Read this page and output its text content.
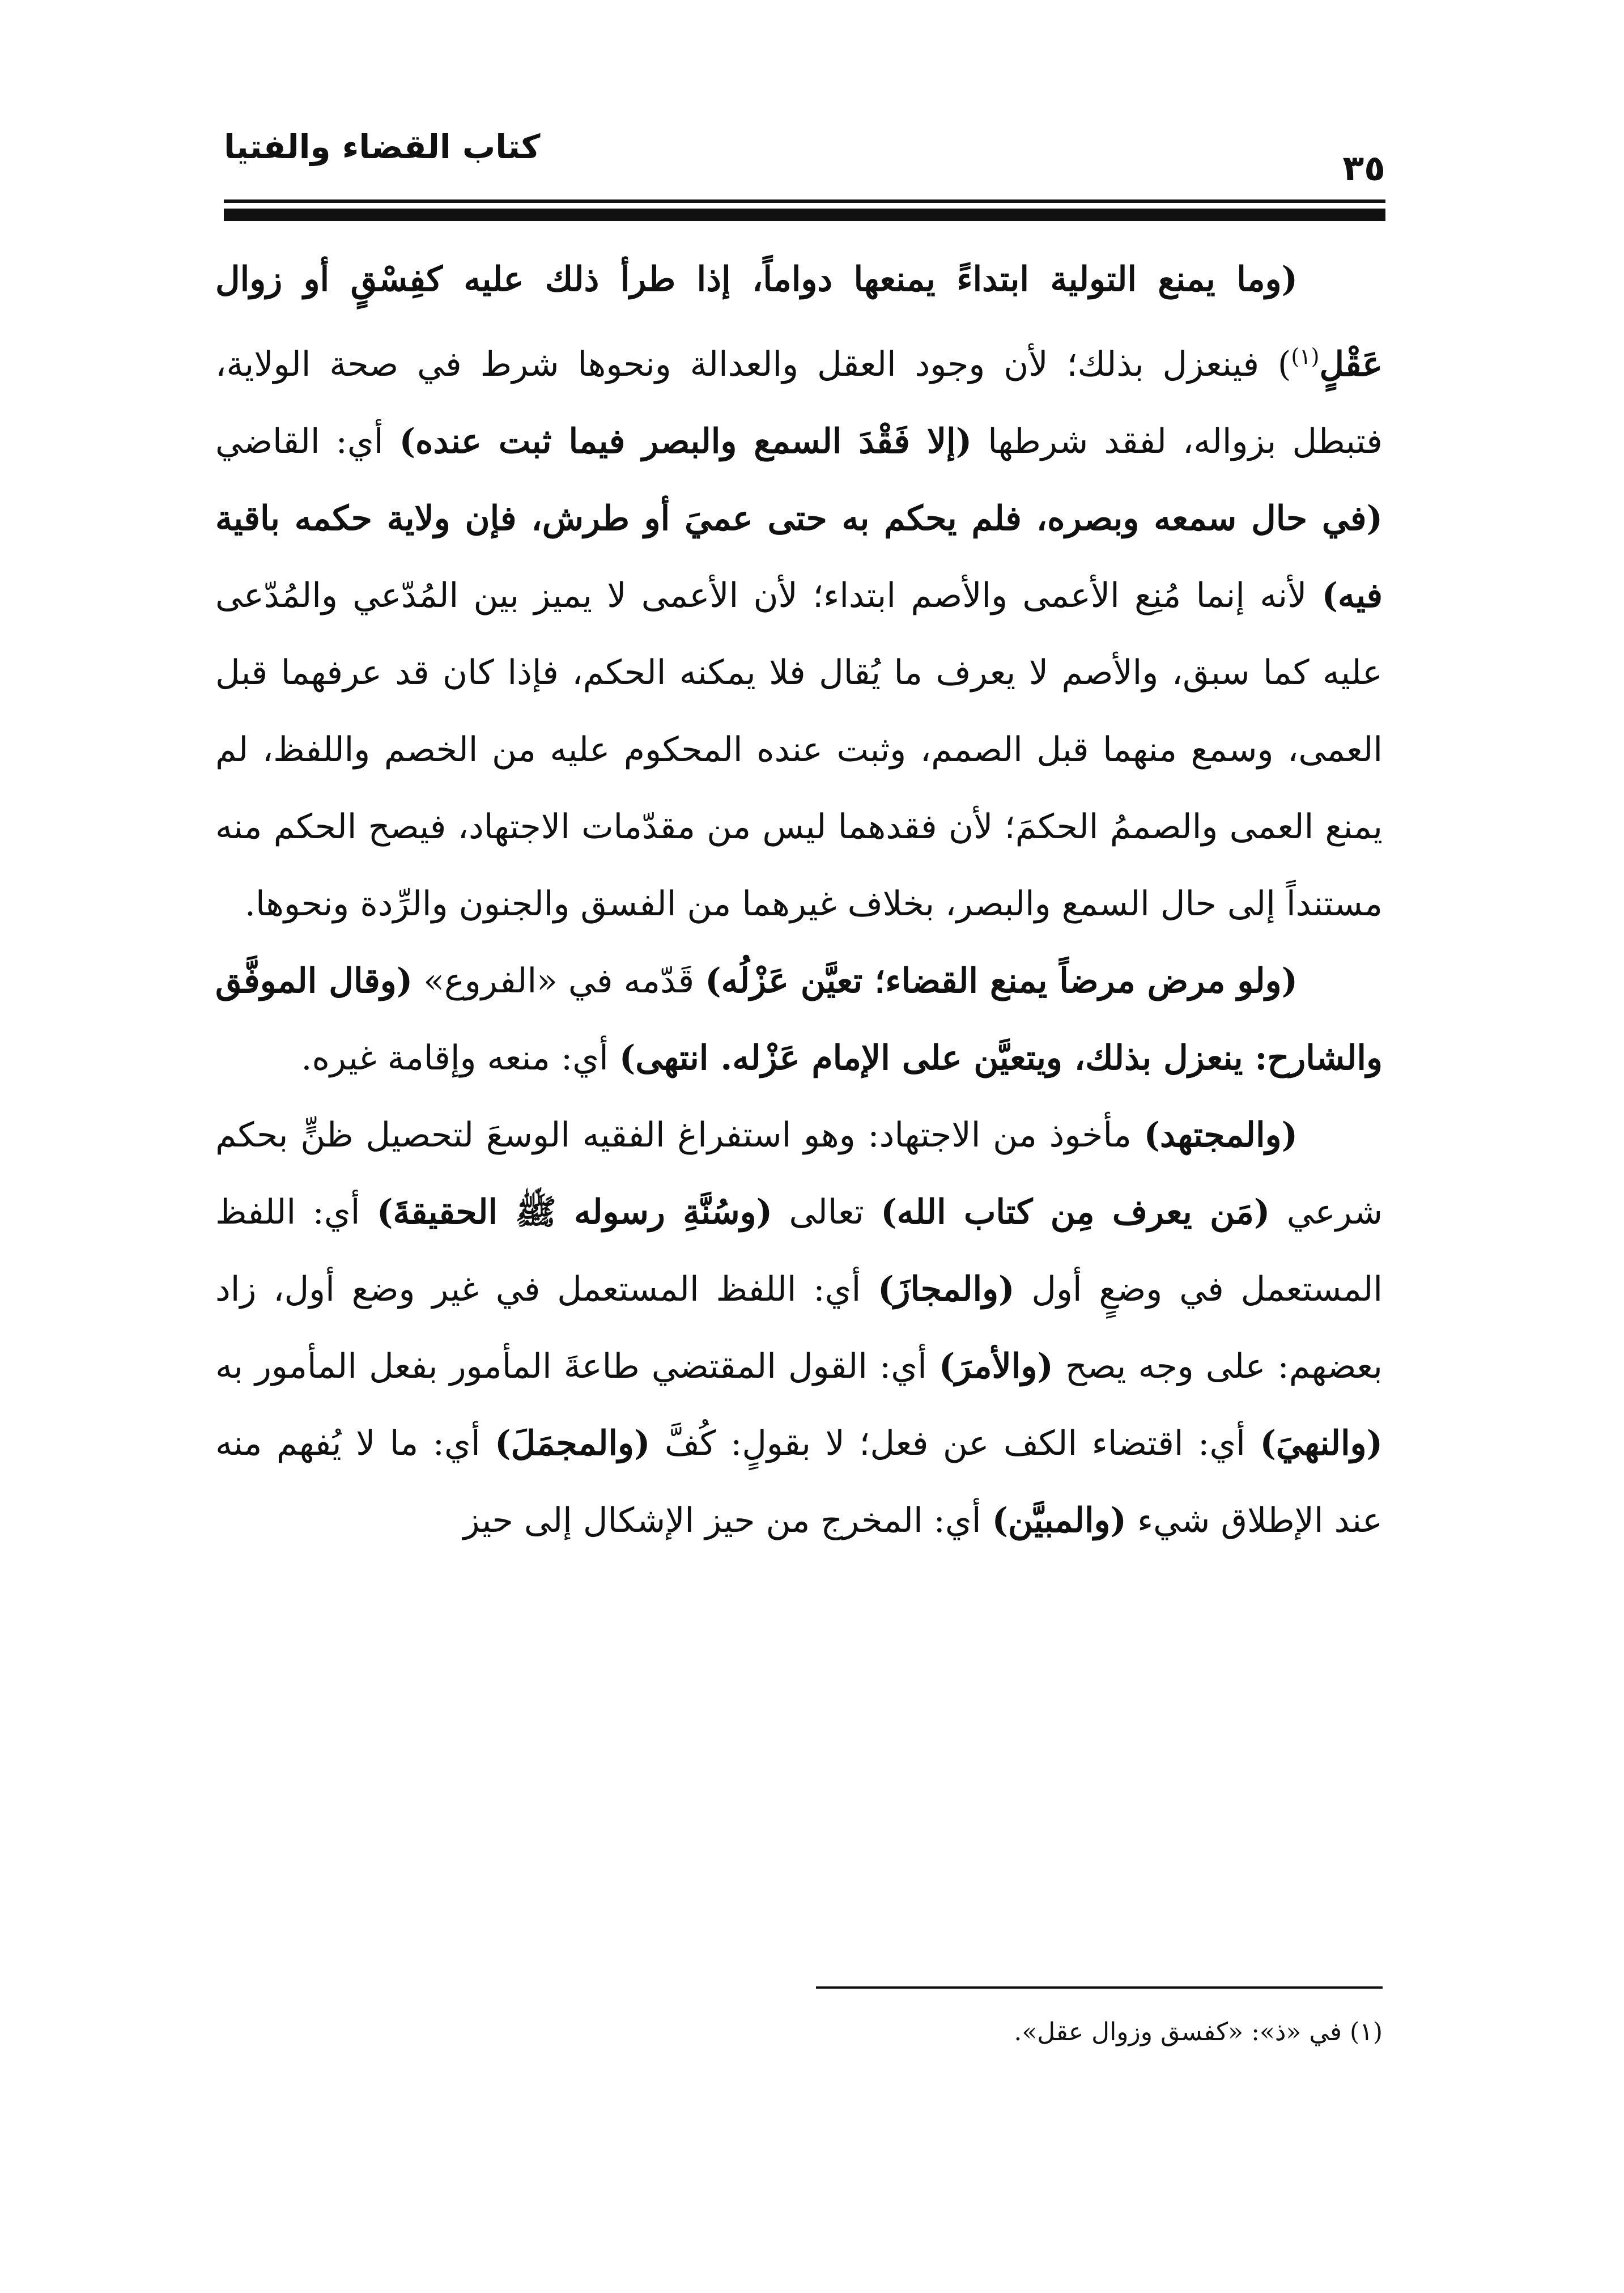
كتاب القضاء والفتيا
٣٥

(وما يمنع التولية ابتداءً يمنعها دواماً، إذا طرأ ذلك عليه كفِسْقٍ أو زوال عَقْلٍ$^{(١)}$) فينعزل بذلك؛ لأن وجود العقل والعدالة ونحوها شرط في صحة الولاية، فتبطل بزواله، لفقد شرطها (إلا فَقْدَ السمع والبصر فيما ثبت عنده) أي: القاضي (في حال سمعه وبصره، فلم يحكم به حتى عميَ أو طرش، فإن ولاية حكمه باقية فيه) لأنه إنما مُنِع الأعمى والأصم ابتداء؛ لأن الأعمى لا يميز بين المُدّعي والمُدّعى عليه كما سبق، والأصم لا يعرف ما يُقال فلا يمكنه الحكم، فإذا كان قد عرفهما قبل العمى، وسمع منهما قبل الصمم، وثبت عنده المحكوم عليه من الخصم واللفظ، لم يمنع العمى والصممُ الحكمَ؛ لأن فقدهما ليس من مقدّمات الاجتهاد، فيصح الحكم منه مستنداً إلى حال السمع والبصر، بخلاف غيرهما من الفسق والجنون والرِّدة ونحوها.

(ولو مرض مرضاً يمنع القضاء؛ تعيَّن عَزْلُه) قَدّمه في «الفروع» (وقال الموفَّق والشارح: ينعزل بذلك، ويتعيَّن على الإمام عَزْله. انتهى) أي: منعه وإقامة غيره.

(والمجتهد) مأخوذ من الاجتهاد: وهو استفراغ الفقيه الوسعَ لتحصيل ظنٍّ بحكم شرعي (مَن يعرف مِن كتاب الله) تعالى (وسُنَّةِ رسوله ﷺ الحقيقةَ) أي: اللفظ المستعمل في وضعٍ أول (والمجازَ) أي: اللفظ المستعمل في غير وضع أول، زاد بعضهم: على وجه يصح (والأمرَ) أي: القول المقتضي طاعةَ المأمور بفعل المأمور به (والنهيَ) أي: اقتضاء الكف عن فعل؛ لا بقولٍ: كُفَّ (والمجمَلَ) أي: ما لا يُفهم منه عند الإطلاق شيء (والمبيَّن) أي: المخرج من حيز الإشكال إلى حيز

(١) في «ذ»: «كفسق وزوال عقل».
